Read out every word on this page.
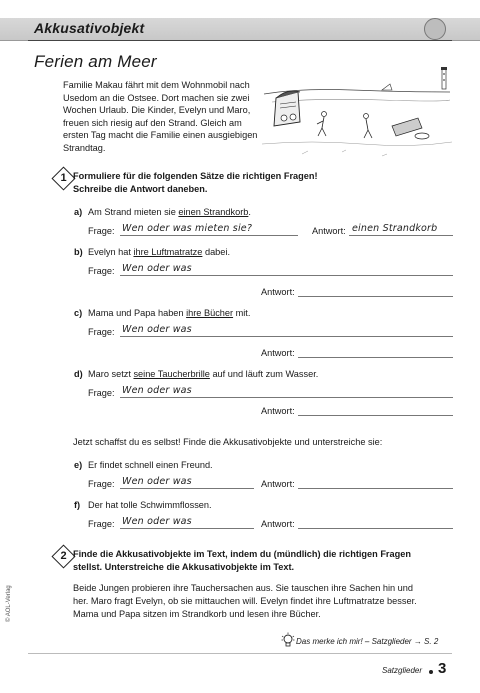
Akkusativobjekt
Ferien am Meer
Familie Makau fährt mit dem Wohnmobil nach
Usedom an die Ostsee. Dort machen sie zwei
Wochen Urlaub. Die Kinder, Evelyn und Maro,
freuen sich riesig auf den Strand. Gleich am
ersten Tag macht die Familie einen ausgiebigen
Strandtag.
1 Formuliere für die folgenden Sätze die richtigen Fragen!
Schreibe die Antwort daneben.
a) Am Strand mieten sie einen Strandkorb.
Frage: Wen oder was mieten sie?	Antwort: einen Strandkorb
b) Evelyn hat ihre Luftmatratze dabei.
Frage: Wen oder was
Antwort:
c) Mama und Papa haben ihre Bücher mit.
Frage: Wen oder was
Antwort:
d) Maro setzt seine Taucherbrille auf und läuft zum Wasser.
Frage: Wen oder was
Antwort:
Jetzt schaffst du es selbst! Finde die Akkusativobjekte und unterstreiche sie:
e) Er findet schnell einen Freund.
Frage: Wen oder was	Antwort:
f) Der hat tolle Schwimmflossen.
Frage: Wen oder was	Antwort:
2 Finde die Akkusativobjekte im Text, indem du (mündlich) die richtigen Fragen
stellst. Unterstreiche die Akkusativobjekte im Text.
Beide Jungen probieren ihre Tauchersachen aus. Sie tauschen ihre Sachen hin und
her. Maro fragt Evelyn, ob sie mittauchen will. Evelyn findet ihre Luftmatratze besser.
Mama und Papa sitzen im Strandkorb und lesen ihre Bücher.
Das merke ich mir! – Satzglieder → S. 2
Satzglieder 3
© AOL-Verlag
